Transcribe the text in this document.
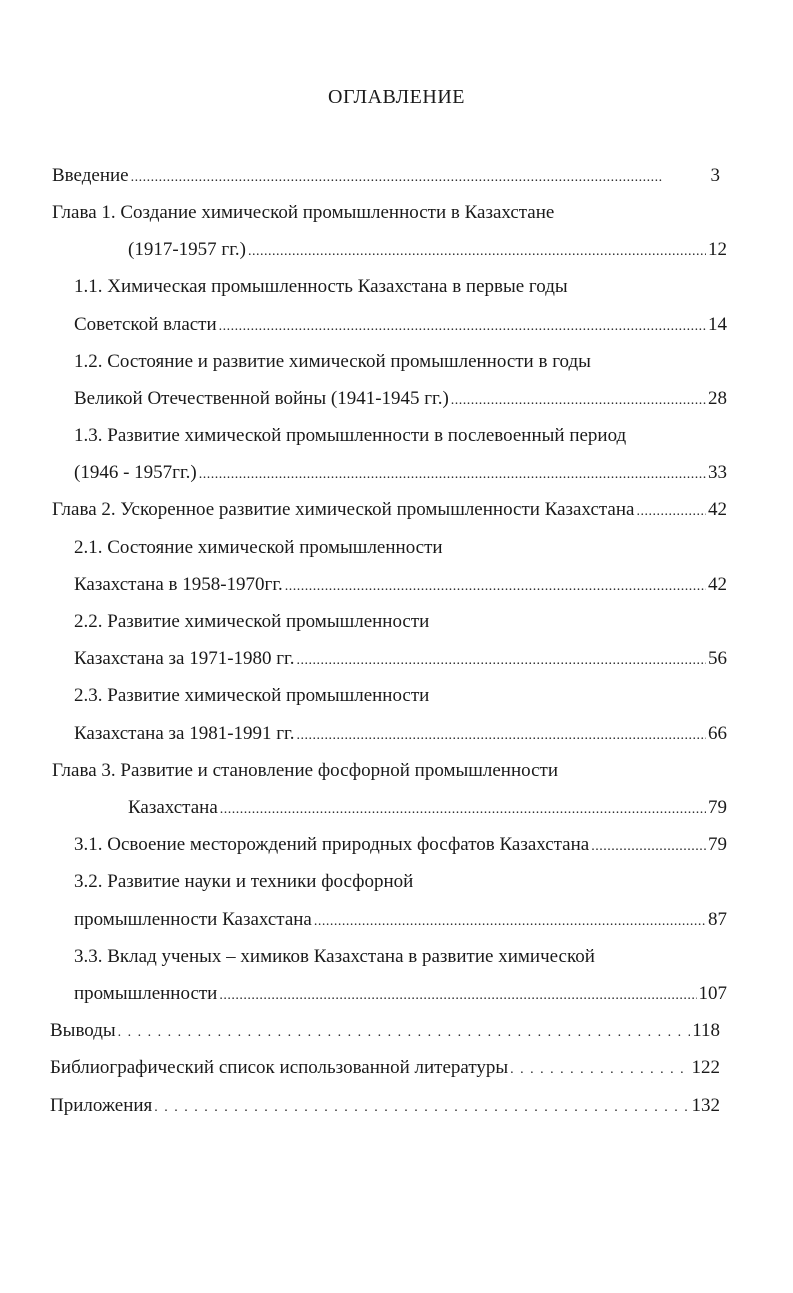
ОГЛАВЛЕНИЕ
Введение . . .	3
Глава 1. Создание химической промышленности в Казахстане
(1917-1957 гг.) . . .	12
1.1. Химическая промышленность Казахстана в первые годы
Советской власти . . .	14
1.2. Состояние и развитие химической промышленности в годы
Великой Отечественной войны (1941-1945 гг.) . . .	28
1.3. Развитие химической промышленности в послевоенный период
(1946 - 1957гг.) . . .	33
Глава 2. Ускоренное развитие химической промышленности Казахстана . . .	42
2.1. Состояние химической промышленности
Казахстана в 1958-1970гг. . . .	42
2.2. Развитие химической промышленности
Казахстана за 1971-1980 гг. . . .	56
2.3. Развитие химической промышленности
Казахстана за 1981-1991 гг. . . .	66
Глава 3. Развитие и становление фосфорной промышленности
Казахстана . . .	79
3.1. Освоение месторождений природных фосфатов Казахстана . . .	79
3.2. Развитие науки и техники фосфорной
промышленности Казахстана . . .	87
3.3. Вклад ученых – химиков Казахстана в развитие химической
промышленности . . .	107
Выводы . . .	118
Библиографический список использованной литературы . . .	122
Приложения . . .	132
